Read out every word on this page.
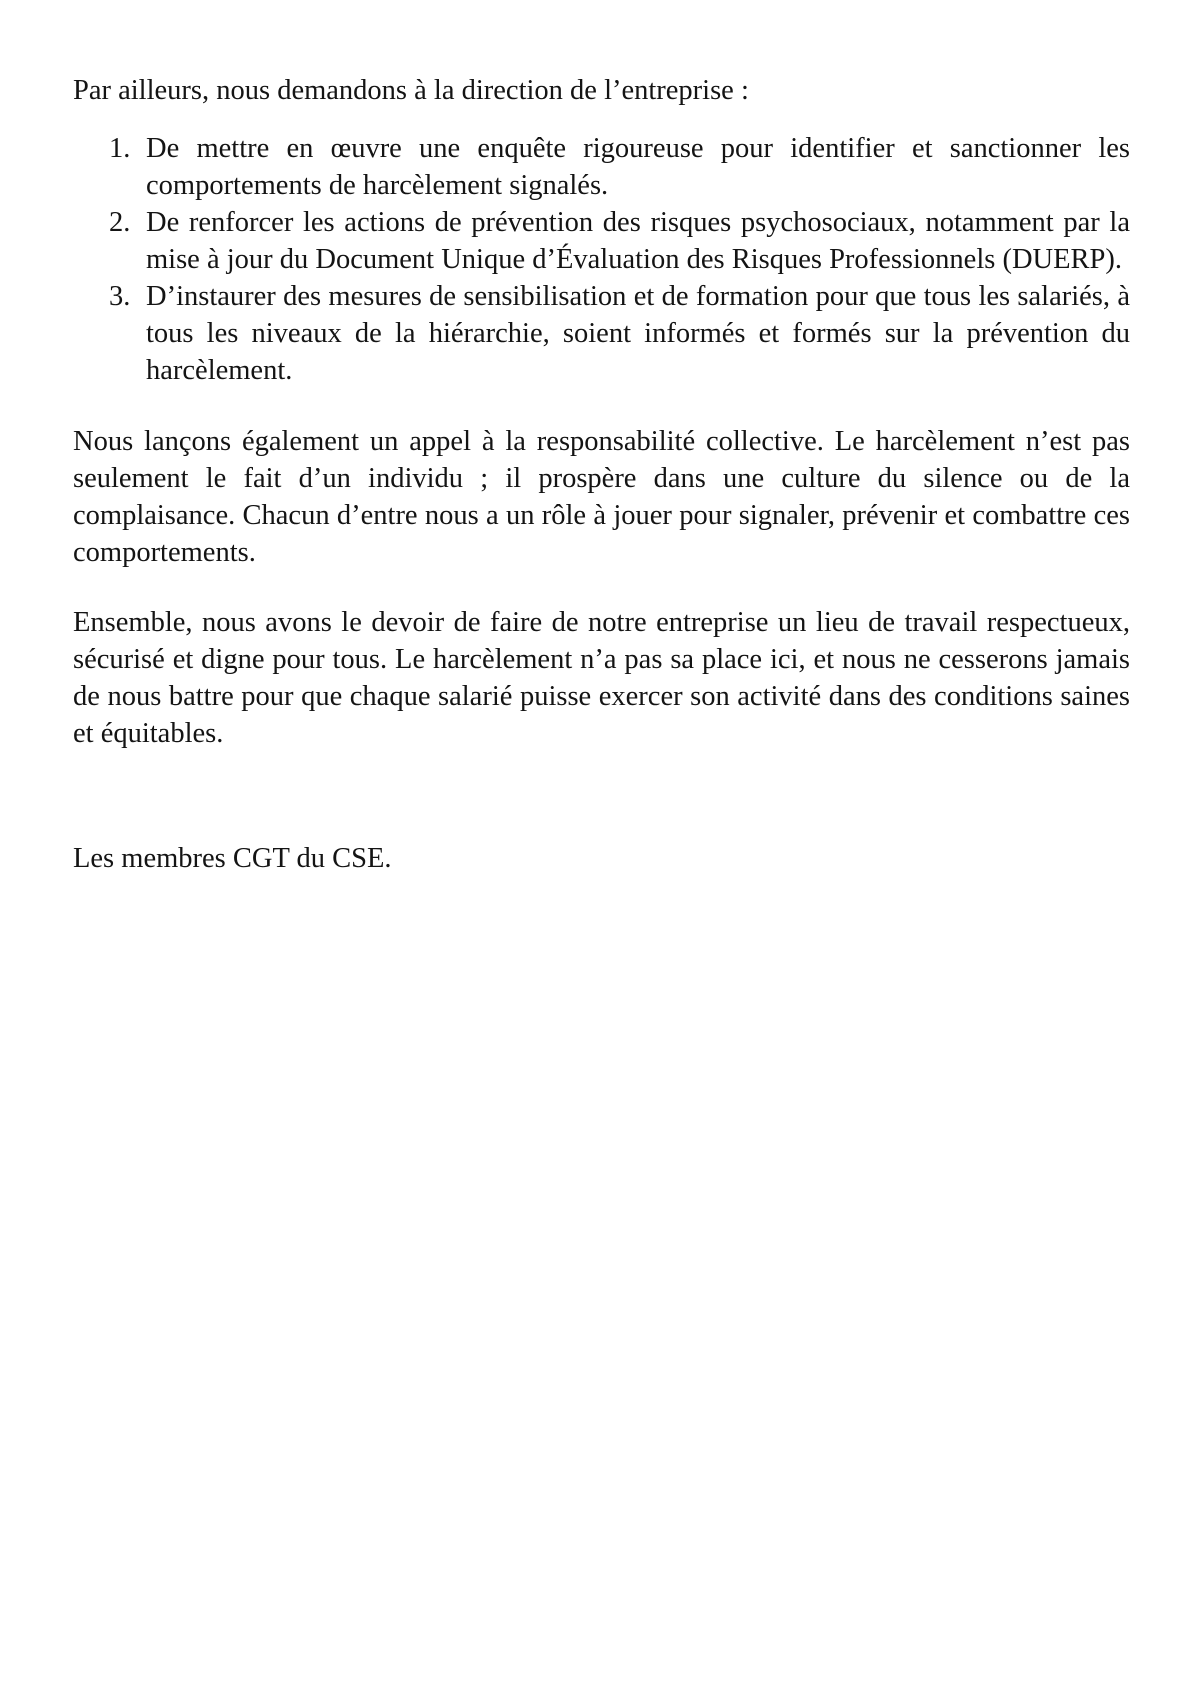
Par ailleurs, nous demandons à la direction de l’entreprise :

1. De mettre en œuvre une enquête rigoureuse pour identifier et sanctionner les comportements de harcèlement signalés.
2. De renforcer les actions de prévention des risques psychosociaux, notamment par la mise à jour du Document Unique d’Évaluation des Risques Professionnels (DUERP).
3. D’instaurer des mesures de sensibilisation et de formation pour que tous les salariés, à tous les niveaux de la hiérarchie, soient informés et formés sur la prévention du harcèlement.

Nous lançons également un appel à la responsabilité collective. Le harcèlement n’est pas seulement le fait d’un individu ; il prospère dans une culture du silence ou de la complaisance. Chacun d’entre nous a un rôle à jouer pour signaler, prévenir et combattre ces comportements.

Ensemble, nous avons le devoir de faire de notre entreprise un lieu de travail respectueux, sécurisé et digne pour tous. Le harcèlement n’a pas sa place ici, et nous ne cesserons jamais de nous battre pour que chaque salarié puisse exercer son activité dans des conditions saines et équitables.

Les membres CGT du CSE.
